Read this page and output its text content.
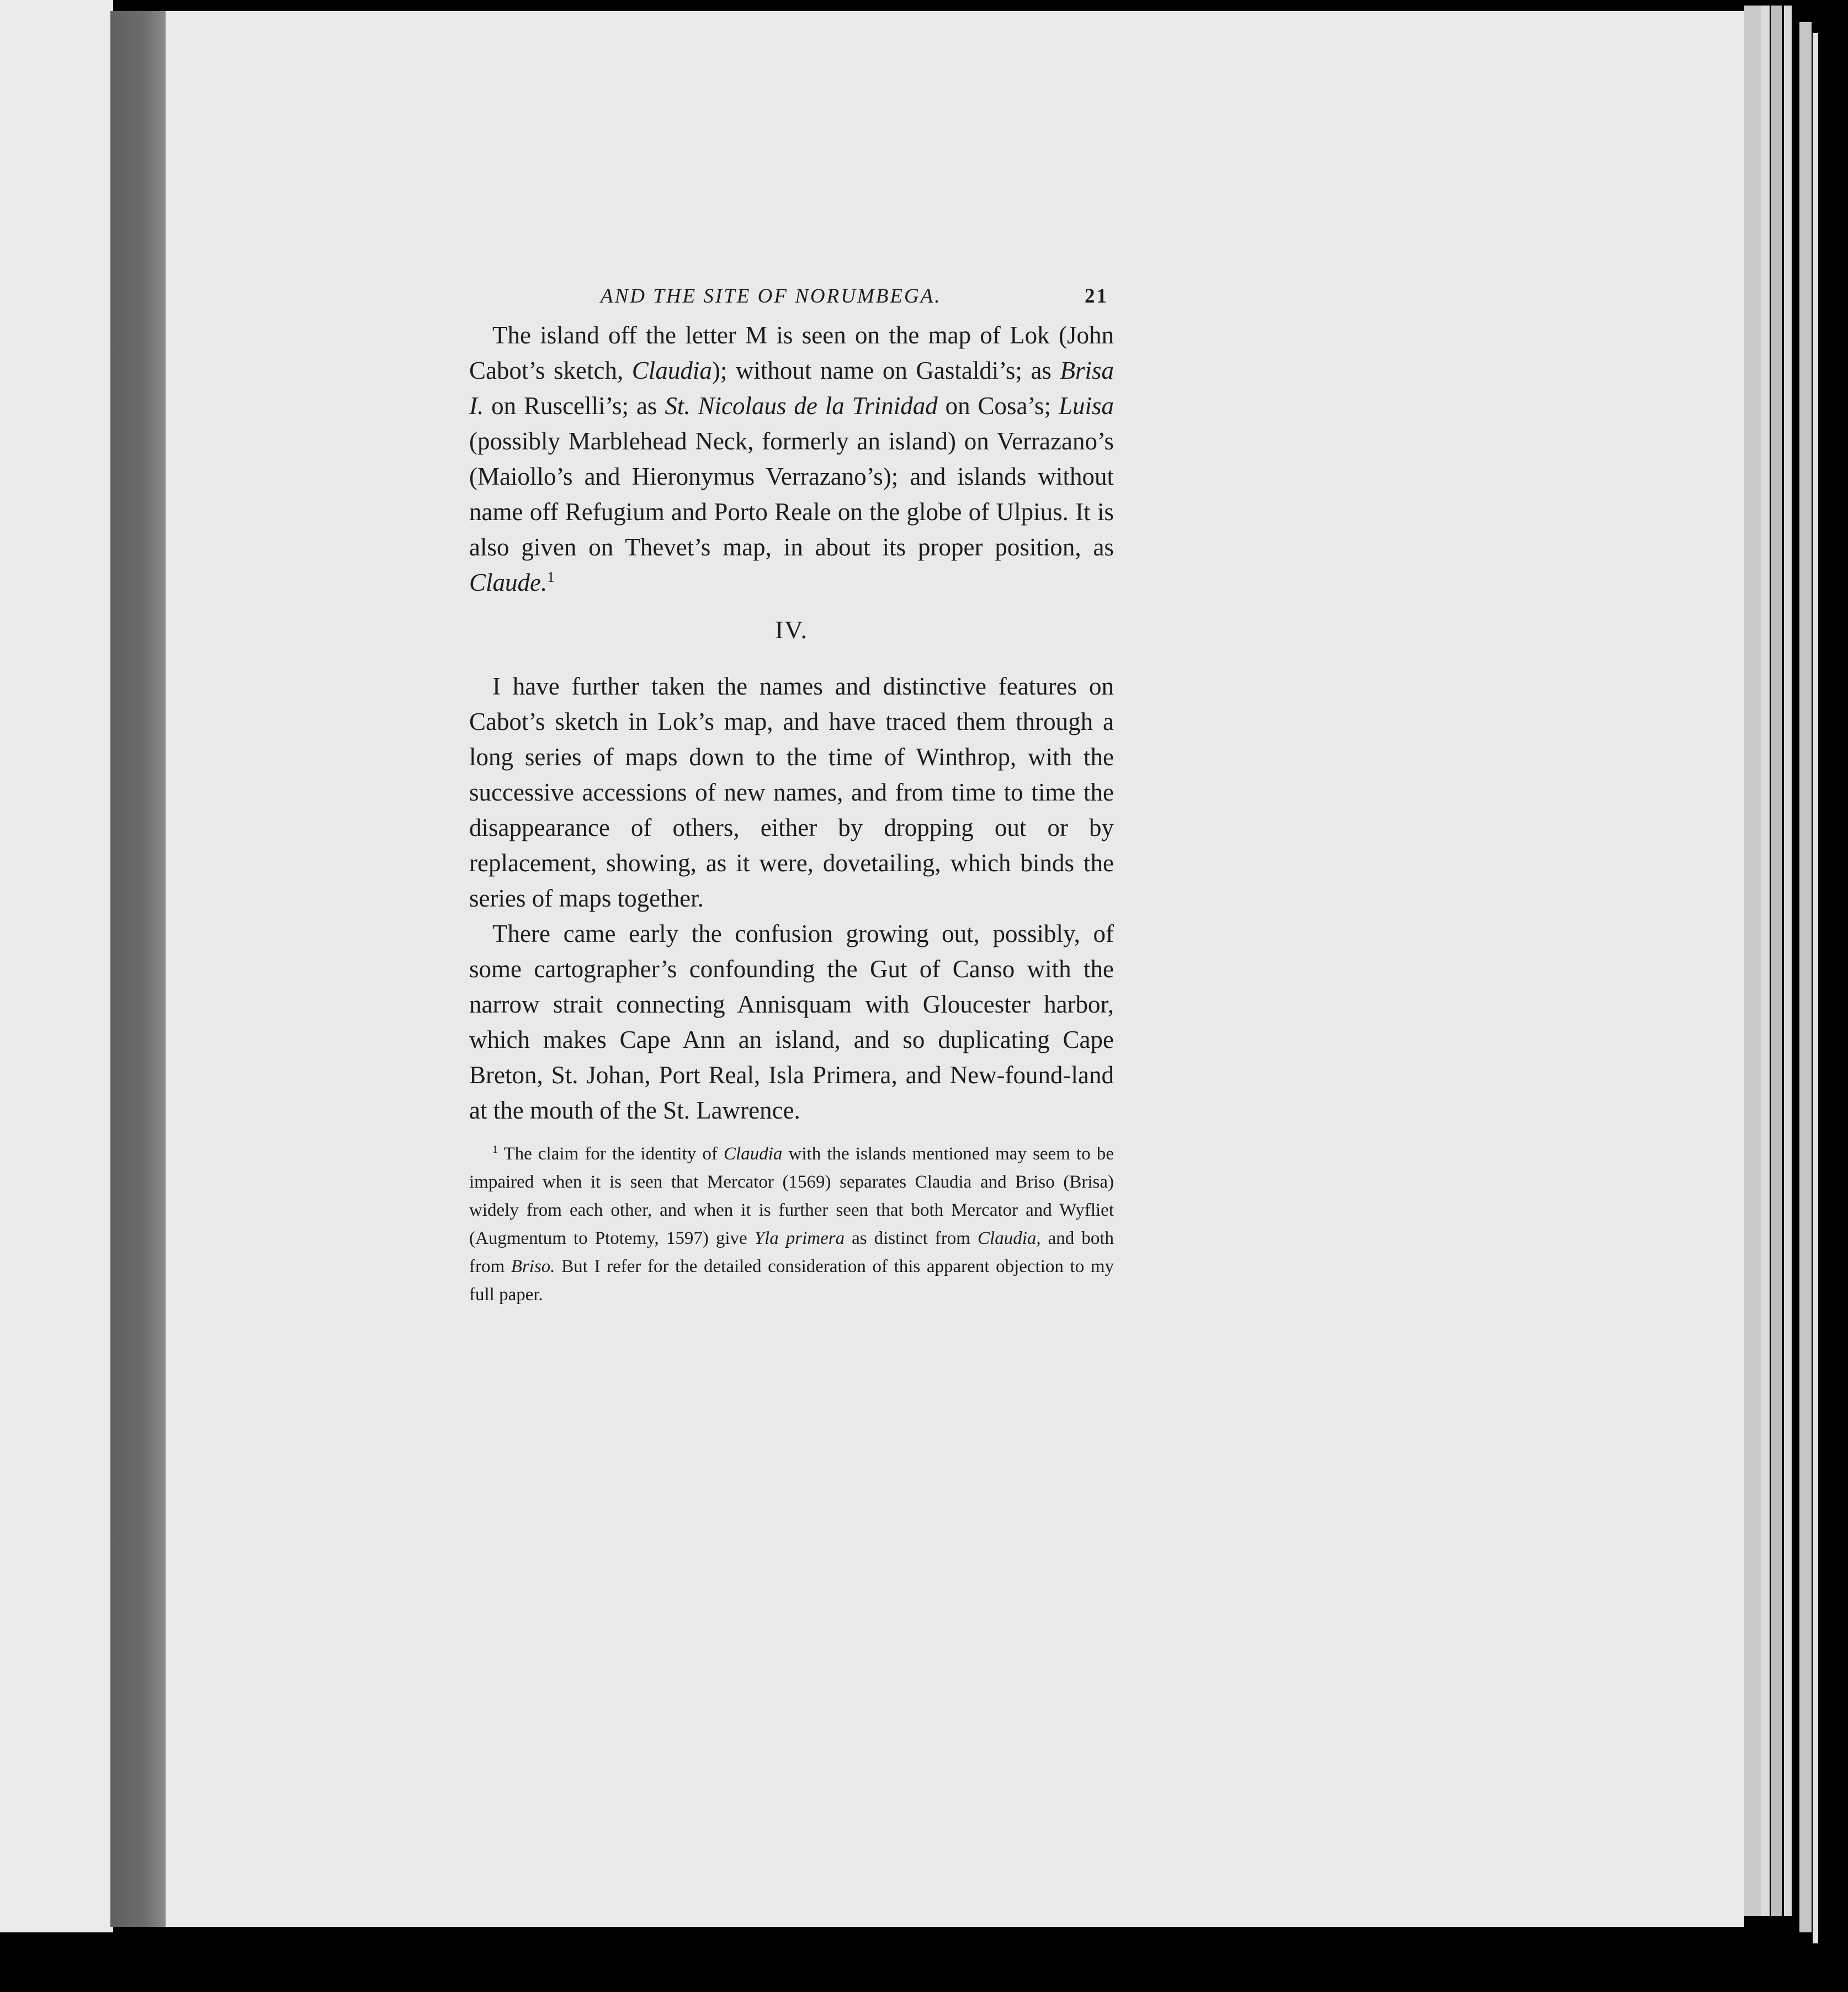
AND THE SITE OF NORUMBEGA.	21

The island off the letter M is seen on the map of Lok (John Cabot’s sketch, Claudia); without name on Gastaldi’s; as Brisa I. on Ruscelli’s; as St. Nicolaus de la Trinidad on Cosa’s; Luisa (possibly Marblehead Neck, formerly an island) on Verrazano’s (Maiollo’s and Hieronymus Verrazano’s); and islands without name off Refugium and Porto Reale on the globe of Ulpius. It is also given on Thevet’s map, in about its proper position, as Claude.$^1$

IV.

I have further taken the names and distinctive features on Cabot’s sketch in Lok’s map, and have traced them through a long series of maps down to the time of Winthrop, with the successive accessions of new names, and from time to time the disappearance of others, either by dropping out or by replacement, showing, as it were, dovetailing, which binds the series of maps together.

There came early the confusion growing out, possibly, of some cartographer’s confounding the Gut of Canso with the narrow strait connecting Annisquam with Gloucester harbor, which makes Cape Ann an island, and so duplicating Cape Breton, St. Johan, Port Real, Isla Primera, and New-found-land at the mouth of the St. Lawrence.

$^1$ The claim for the identity of Claudia with the islands mentioned may seem to be impaired when it is seen that Mercator (1569) separates Claudia and Briso (Brisa) widely from each other, and when it is further seen that both Mercator and Wyfliet (Augmentum to Ptotemy, 1597) give Yla primera as distinct from Claudia, and both from Briso. But I refer for the detailed consideration of this apparent objection to my full paper.
